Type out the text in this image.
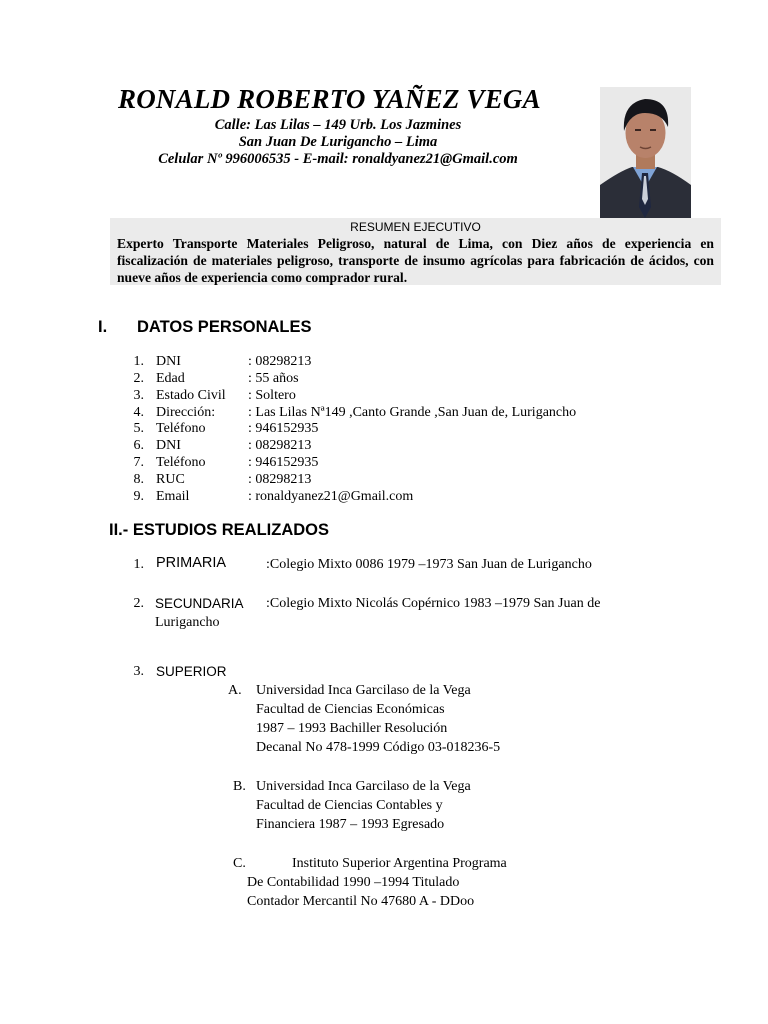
RONALD ROBERTO YAÑEZ VEGA
Calle: Las Lilas – 149 Urb. Los Jazmines
San Juan De Lurigancho – Lima
Celular Nº 996006535 - E-mail: ronaldyanez21@Gmail.com
RESUMEN EJECUTIVO
Experto Transporte Materiales Peligroso, natural de Lima, con Diez años de experiencia en fiscalización de materiales peligroso, transporte de insumo agrícolas para fabricación de ácidos, con nueve años de experiencia como comprador rural.
I. DATOS PERSONALES
1. DNI	: 08298213
2. Edad	: 55 años
3. Estado Civil : Soltero
4. Dirección: : Las Lilas Nª149 ,Canto Grande ,San Juan de, Lurigancho
5. Teléfono	: 946152935
6. DNI	: 08298213
7. Teléfono	: 946152935
8. RUC	: 08298213
9. Email	: ronaldyanez21@Gmail.com
II.- ESTUDIOS REALIZADOS
1. PRIMARIA	:Colegio Mixto 0086 1979 –1973 San Juan de Lurigancho
2. SECUNDARIA :Colegio Mixto Nicolás Copérnico 1983 –1979 San Juan de
Lurigancho
3. SUPERIOR
A. Universidad Inca Garcilaso de la Vega
Facultad de Ciencias Económicas
1987 – 1993 Bachiller Resolución
Decanal No 478-1999 Código 03-018236-5
B. Universidad Inca Garcilaso de la Vega
Facultad de Ciencias Contables y
Financiera 1987 – 1993 Egresado
C.	Instituto Superior Argentina Programa
De Contabilidad 1990 –1994 Titulado
Contador Mercantil No 47680 A - DDoo
